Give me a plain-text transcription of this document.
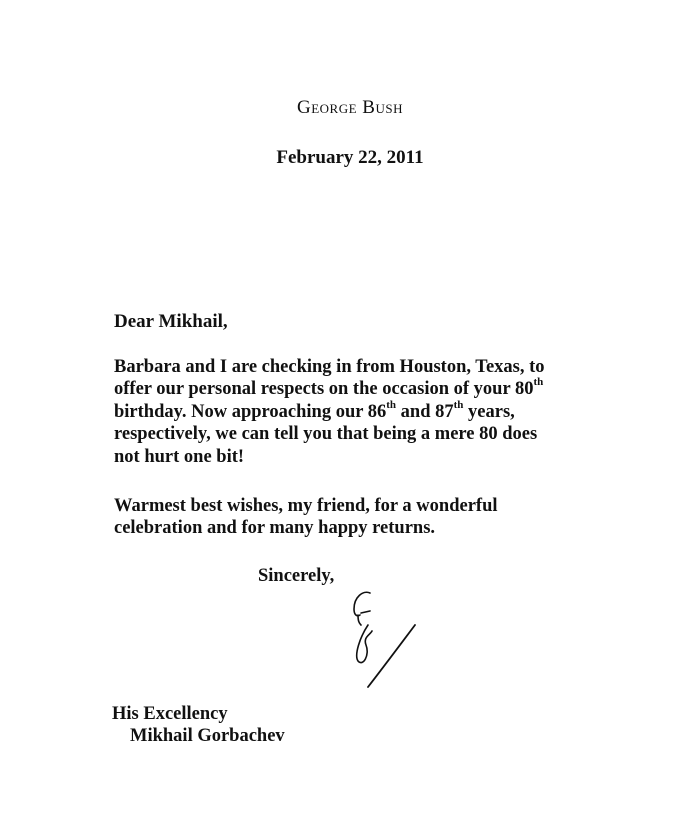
George Bush
February 22, 2011
Dear Mikhail,
Barbara and I are checking in from Houston, Texas, to
offer our personal respects on the occasion of your 80th
birthday. Now approaching our 86th and 87th years,
respectively, we can tell you that being a mere 80 does
not hurt one bit!
Warmest best wishes, my friend, for a wonderful
celebration and for many happy returns.
Sincerely,
His Excellency
Mikhail Gorbachev
